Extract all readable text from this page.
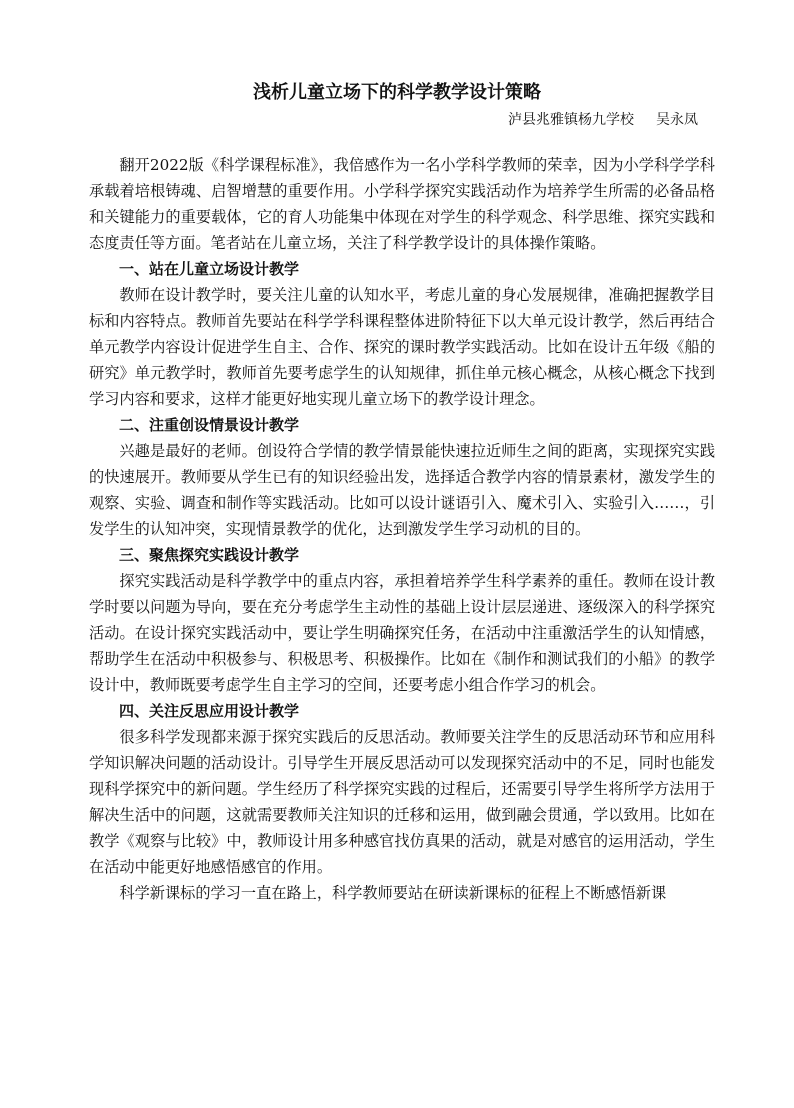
浅析儿童立场下的科学教学设计策略
泸县兆雅镇杨九学校 吴永凤

翻开2022版《科学课程标准》，我倍感作为一名小学科学教师的荣幸，因为小学科学学科承载着培根铸魂、启智增慧的重要作用。小学科学探究实践活动作为培养学生所需的必备品格和关键能力的重要载体，它的育人功能集中体现在对学生的科学观念、科学思维、探究实践和态度责任等方面。笔者站在儿童立场，关注了科学教学设计的具体操作策略。

一、站在儿童立场设计教学

教师在设计教学时，要关注儿童的认知水平，考虑儿童的身心发展规律，准确把握教学目标和内容特点。教师首先要站在科学学科课程整体进阶特征下以大单元设计教学，然后再结合单元教学内容设计促进学生自主、合作、探究的课时教学实践活动。比如在设计五年级《船的研究》单元教学时，教师首先要考虑学生的认知规律，抓住单元核心概念，从核心概念下找到学习内容和要求，这样才能更好地实现儿童立场下的教学设计理念。

二、注重创设情景设计教学

兴趣是最好的老师。创设符合学情的教学情景能快速拉近师生之间的距离，实现探究实践的快速展开。教师要从学生已有的知识经验出发，选择适合教学内容的情景素材，激发学生的观察、实验、调查和制作等实践活动。比如可以设计谜语引入、魔术引入、实验引入……，引发学生的认知冲突，实现情景教学的优化，达到激发学生学习动机的目的。

三、聚焦探究实践设计教学

探究实践活动是科学教学中的重点内容，承担着培养学生科学素养的重任。教师在设计教学时要以问题为导向，要在充分考虑学生主动性的基础上设计层层递进、逐级深入的科学探究活动。在设计探究实践活动中，要让学生明确探究任务，在活动中注重激活学生的认知情感，帮助学生在活动中积极参与、积极思考、积极操作。比如在《制作和测试我们的小船》的教学设计中，教师既要考虑学生自主学习的空间，还要考虑小组合作学习的机会。

四、关注反思应用设计教学

很多科学发现都来源于探究实践后的反思活动。教师要关注学生的反思活动环节和应用科学知识解决问题的活动设计。引导学生开展反思活动可以发现探究活动中的不足，同时也能发现科学探究中的新问题。学生经历了科学探究实践的过程后，还需要引导学生将所学方法用于解决生活中的问题，这就需要教师关注知识的迁移和运用，做到融会贯通，学以致用。比如在教学《观察与比较》中，教师设计用多种感官找仿真果的活动，就是对感官的运用活动，学生在活动中能更好地感悟感官的作用。

科学新课标的学习一直在路上，科学教师要站在研读新课标的征程上不断感悟新课
